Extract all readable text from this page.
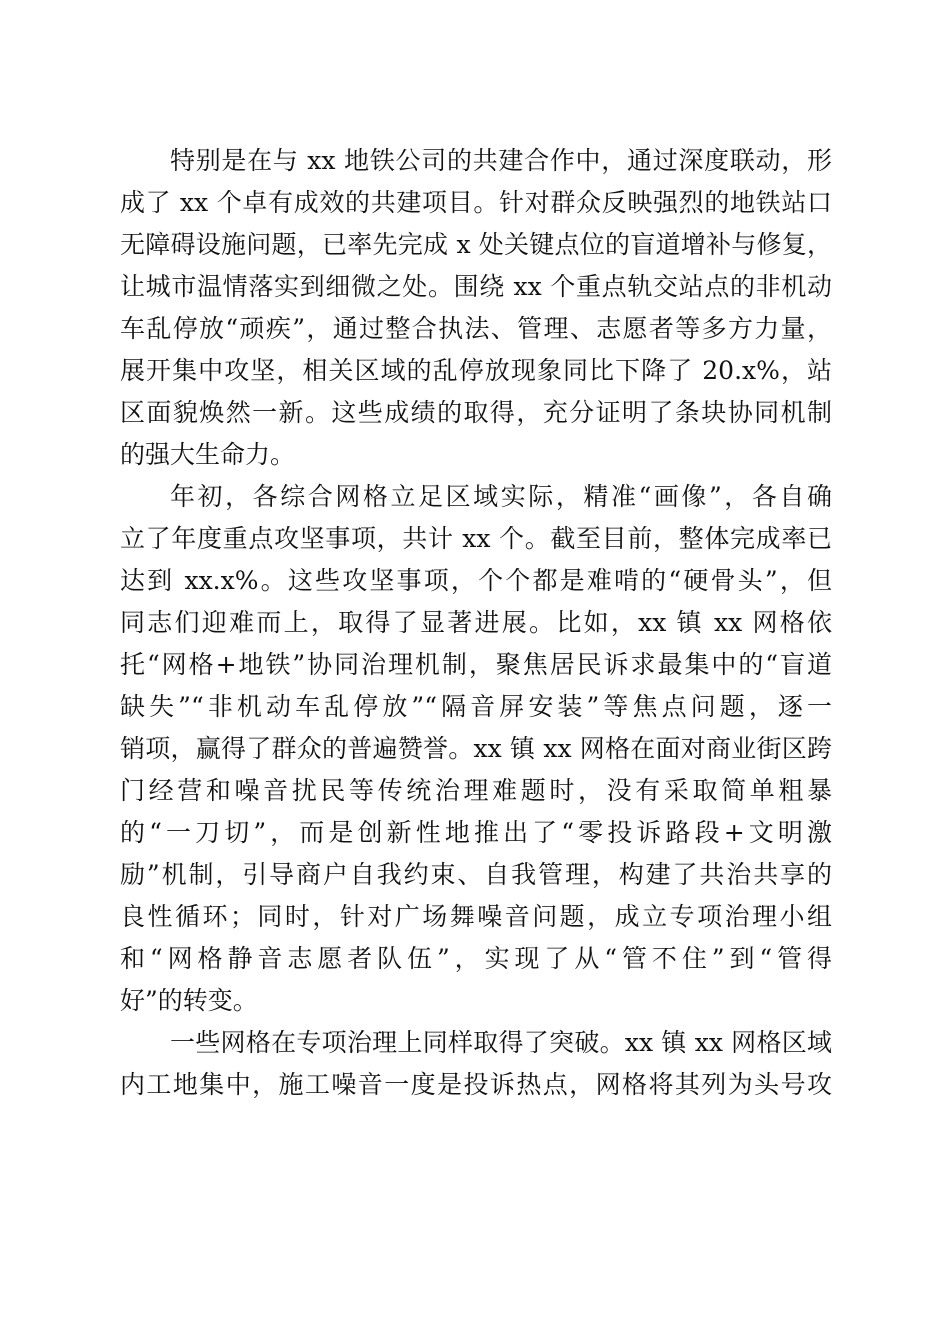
特别是在与 xx 地铁公司的共建合作中，通过深度联动，形
成了 xx 个卓有成效的共建项目。针对群众反映强烈的地铁站口
无障碍设施问题，已率先完成 x 处关键点位的盲道增补与修复，
让城市温情落实到细微之处。围绕 xx 个重点轨交站点的非机动
车乱停放“顽疾”，通过整合执法、管理、志愿者等多方力量，
展开集中攻坚，相关区域的乱停放现象同比下降了 20.x%，站
区面貌焕然一新。这些成绩的取得，充分证明了条块协同机制
的强大生命力。
年初，各综合网格立足区域实际，精准“画像”，各自确
立了年度重点攻坚事项，共计 xx 个。截至目前，整体完成率已
达到 xx.x%。这些攻坚事项，个个都是难啃的“硬骨头”，但
同志们迎难而上，取得了显著进展。比如，xx 镇 xx 网格依
托“网格+地铁”协同治理机制，聚焦居民诉求最集中的“盲道
缺失”“非机动车乱停放”“隔音屏安装”等焦点问题，逐一
销项，赢得了群众的普遍赞誉。xx 镇 xx 网格在面对商业街区跨
门经营和噪音扰民等传统治理难题时，没有采取简单粗暴
的“一刀切”，而是创新性地推出了“零投诉路段+文明激
励”机制，引导商户自我约束、自我管理，构建了共治共享的
良性循环；同时，针对广场舞噪音问题，成立专项治理小组
和“网格静音志愿者队伍”，实现了从“管不住”到“管得
好”的转变。
一些网格在专项治理上同样取得了突破。xx 镇 xx 网格区域
内工地集中，施工噪音一度是投诉热点，网格将其列为头号攻
